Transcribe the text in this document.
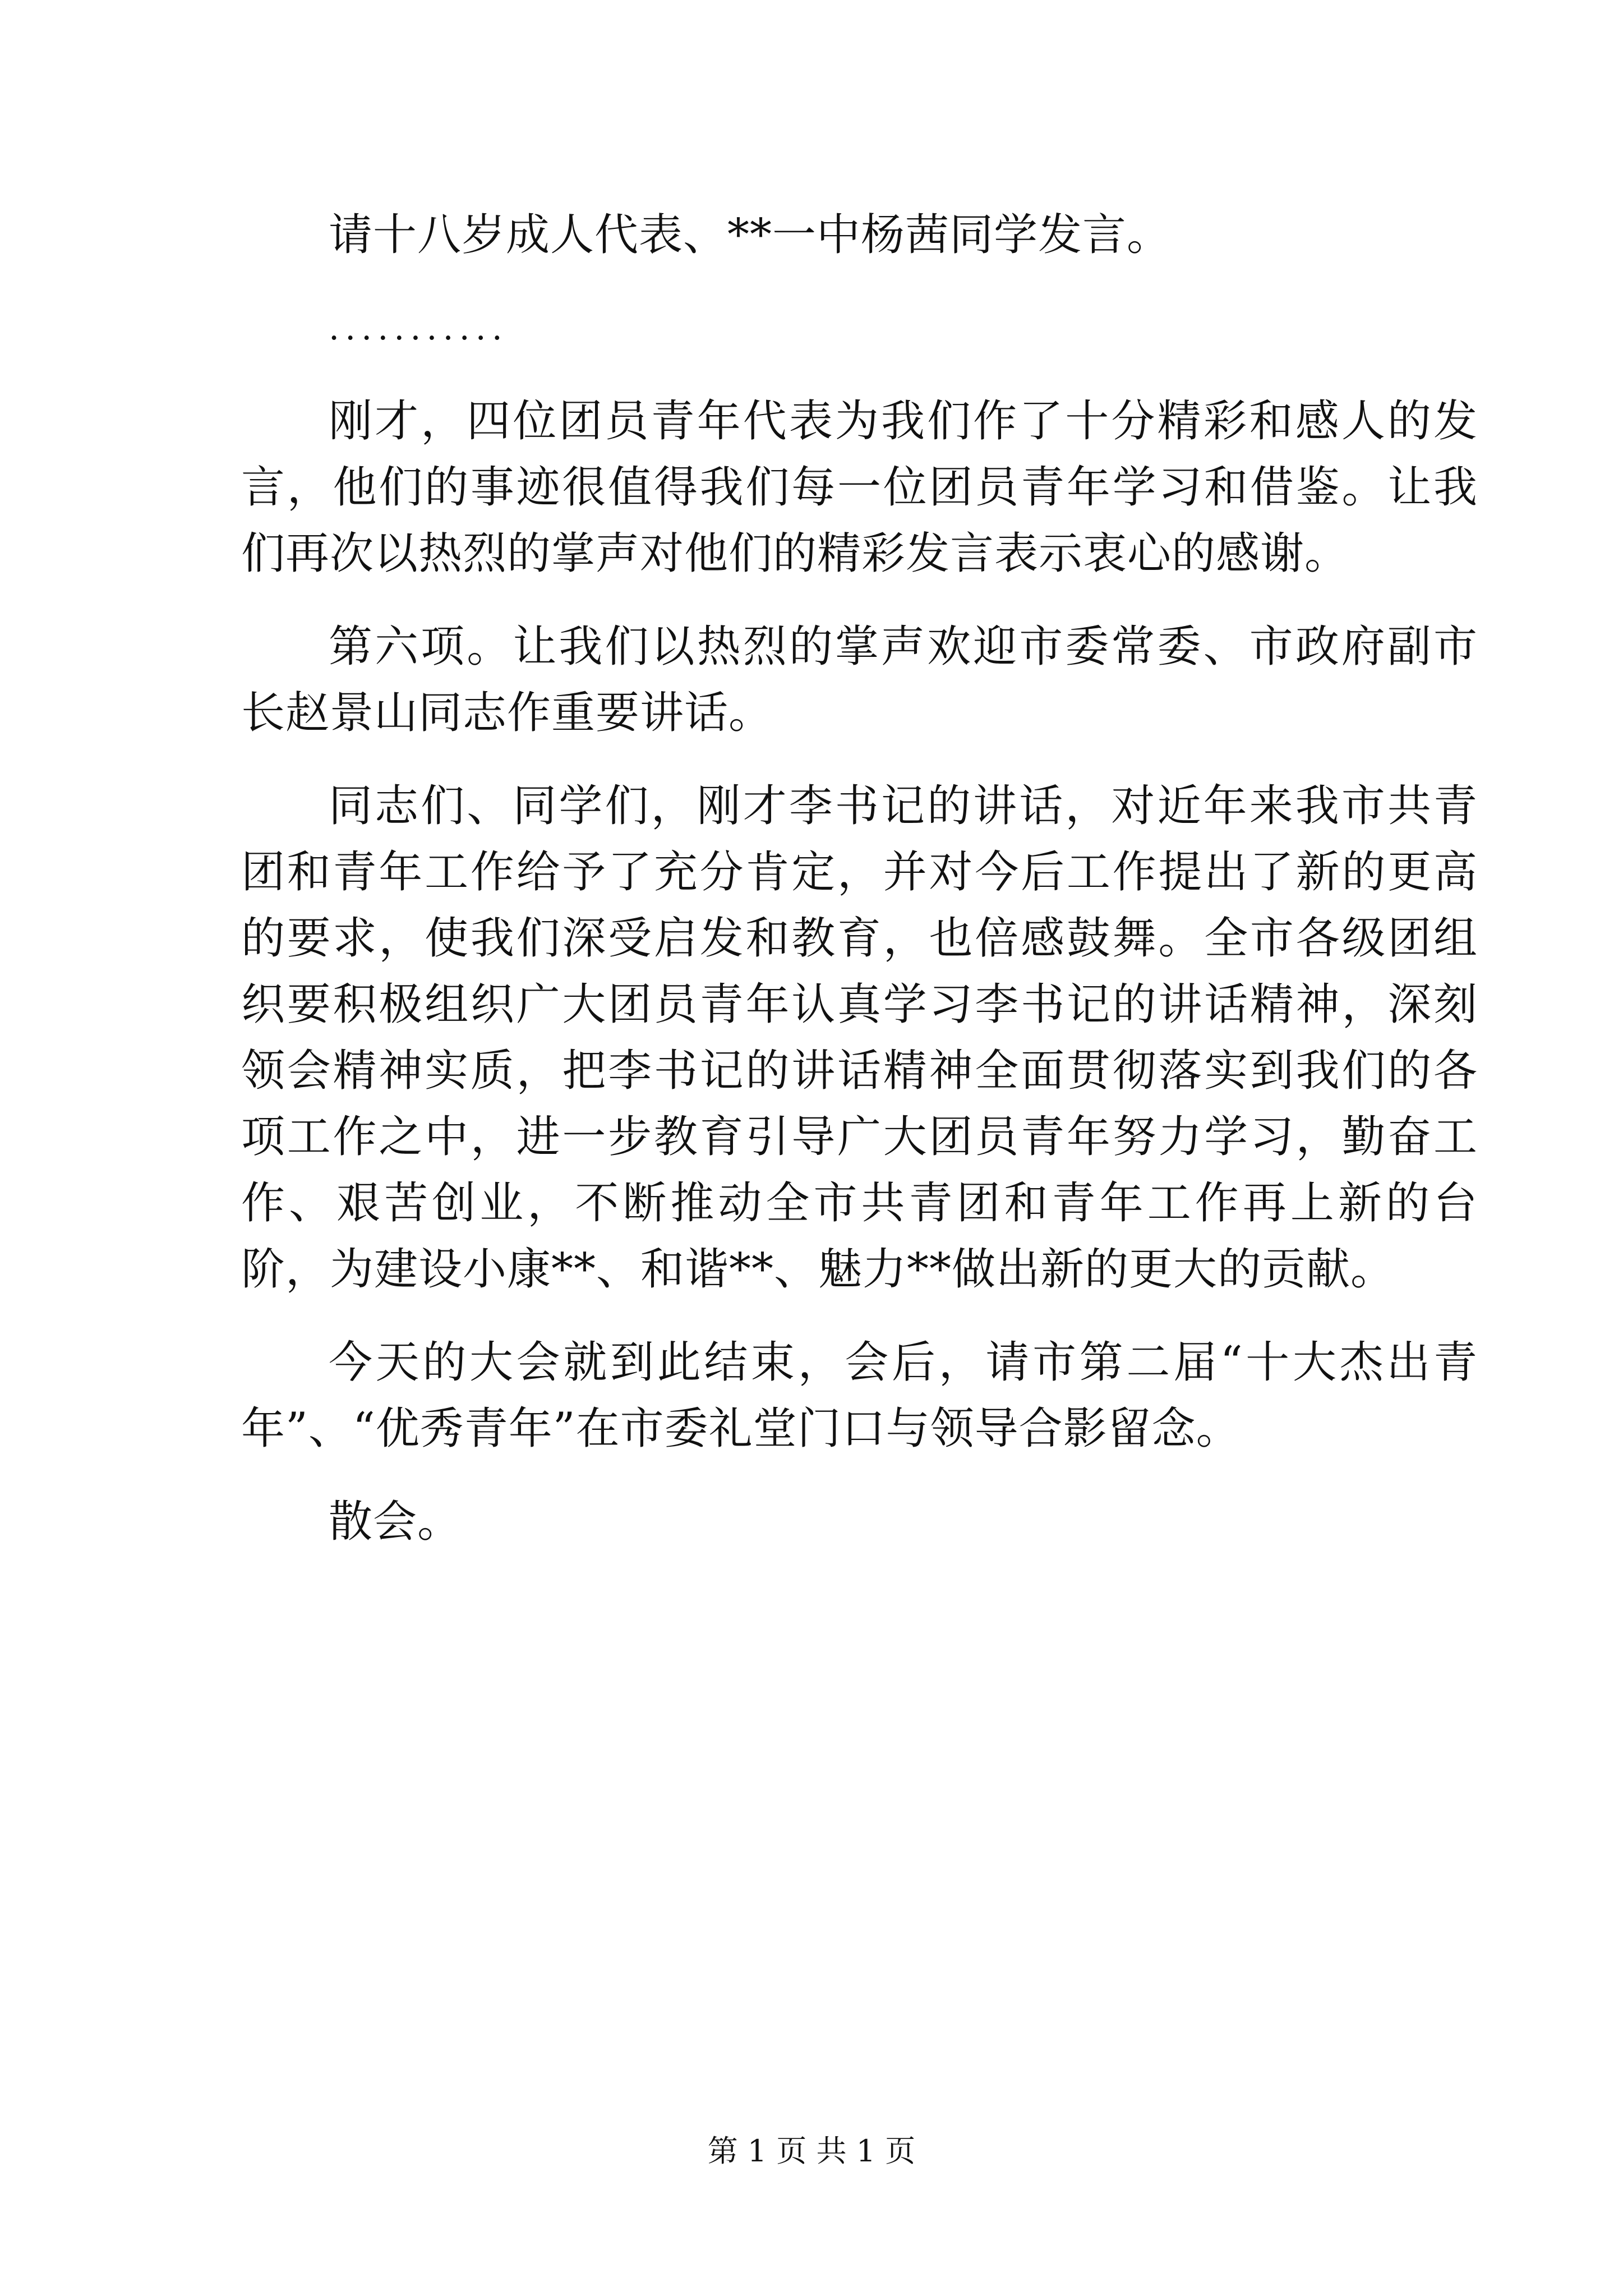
请十八岁成人代表、**一中杨茜同学发言。

...........

刚才，四位团员青年代表为我们作了十分精彩和感人的发言，他们的事迹很值得我们每一位团员青年学习和借鉴。让我们再次以热烈的掌声对他们的精彩发言表示衷心的感谢。

第六项。让我们以热烈的掌声欢迎市委常委、市政府副市长赵景山同志作重要讲话。

同志们、同学们，刚才李书记的讲话，对近年来我市共青团和青年工作给予了充分肯定，并对今后工作提出了新的更高的要求，使我们深受启发和教育，也倍感鼓舞。全市各级团组织要积极组织广大团员青年认真学习李书记的讲话精神，深刻领会精神实质，把李书记的讲话精神全面贯彻落实到我们的各项工作之中，进一步教育引导广大团员青年努力学习，勤奋工作、艰苦创业，不断推动全市共青团和青年工作再上新的台阶，为建设小康**、和谐**、魅力**做出新的更大的贡献。

今天的大会就到此结束，会后，请市第二届“十大杰出青年”、“优秀青年”在市委礼堂门口与领导合影留念。

散会。

第 1 页 共 1 页
